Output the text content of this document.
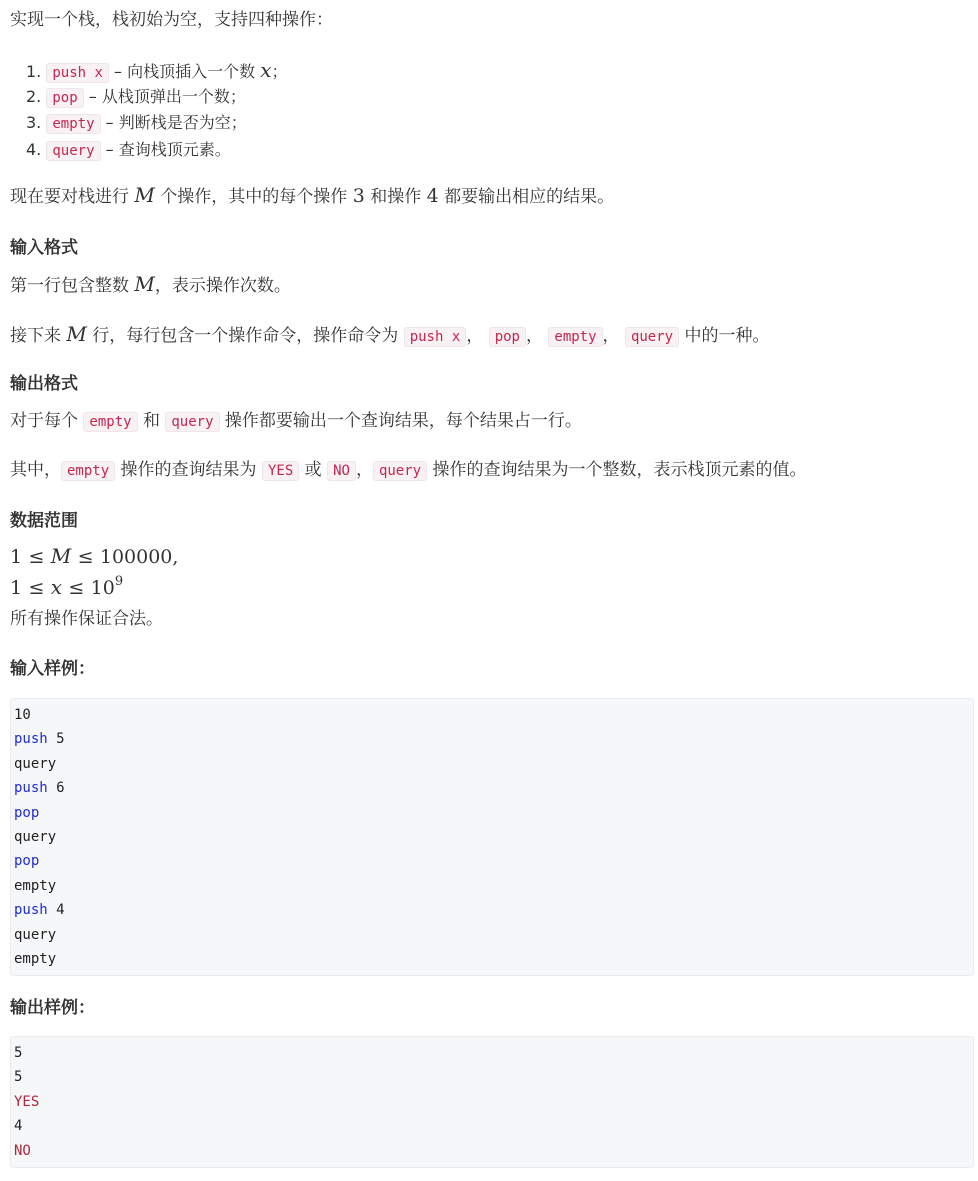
实现一个栈，栈初始为空，支持四种操作：
1. push x – 向栈顶插入一个数 x；
2. pop – 从栈顶弹出一个数；
3. empty – 判断栈是否为空；
4. query – 查询栈顶元素。
现在要对栈进行 M 个操作，其中的每个操作 3 和操作 4 都要输出相应的结果。
输入格式
第一行包含整数 M，表示操作次数。
接下来 M 行，每行包含一个操作命令，操作命令为 push x ， pop ， empty ， query 中的一种。
输出格式
对于每个 empty 和 query 操作都要输出一个查询结果，每个结果占一行。
其中， empty 操作的查询结果为 YES 或 NO ， query 操作的查询结果为一个整数，表示栈顶元素的值。
数据范围
1 ≤ M ≤ 100000,
$1 \le x \le 10^9$
所有操作保证合法。
输入样例：
10
push 5
query
push 6
pop
query
pop
empty
push 4
query
empty
输出样例：
5
5
YES
4
NO
